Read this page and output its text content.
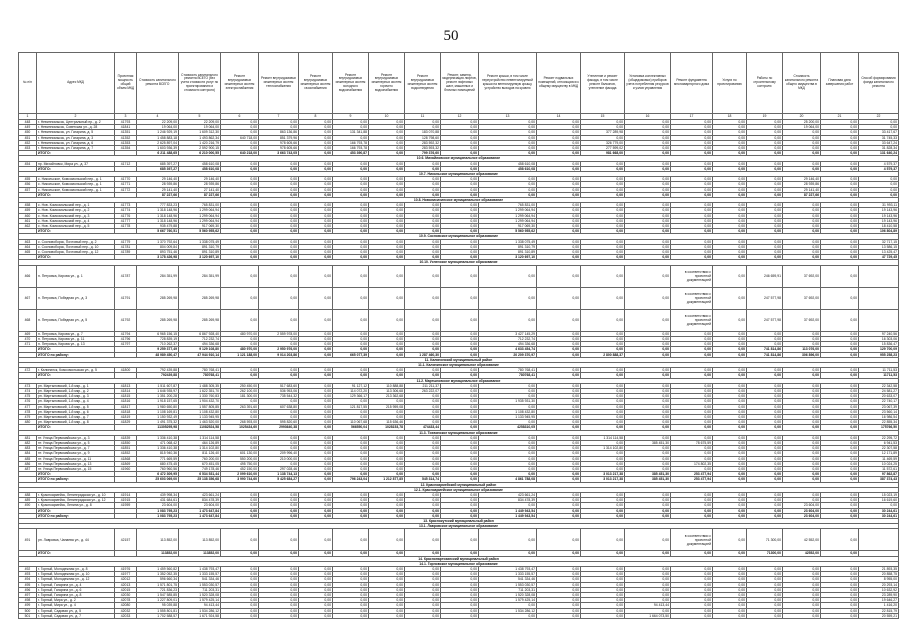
50
№ п/п	Адрес МКД	Проектная мощность общий объем МКД	Стоимость капитального ремонта ВСЕГО	Стоимость капитального ремонта ВСЕГО (без учета стоимости услуг по проектированию и стоимости контроля)	Ремонт внутридомовых инженерных систем электроснабжения	Ремонт внутридомовых инженерных систем теплоснабжения	Ремонт внутридомовых инженерных систем газоснабжения	Ремонт внутридомовых инженерных систем холодного водоснабжения	Ремонт внутридомовых инженерных систем горячего водоснабжения	Ремонт внутридомовых инженерных систем водоотведения	Ремонт, замена, модернизация лифтов, ремонт лифтовых шахт, машинных и блочных помещений	Ремонт крыши, в том числе переустройство невентилируемой крыши на вентилируемую крышу, устройство выходов на кровлю	Ремонт подвальных помещений, относящихся к общему имуществу в МКД	Утепление и ремонт фасада, в том числе ремонт балконов, утепление фасада	Установка коллективных (общедомовых) приборов учета потребления ресурсов и узлов управления	Ремонт фундамента многоквартирного дома	Услуги по проектированию	Работы по строительному контролю	Стоимость капитального ремонта общего имущества в МКД	Плановая дата завершения работ	Способ формирования фонда капитального ремонта
1	2	3	4	5	6	7	8	9	10	11	12	13	14	15	16	17	18	19	20	21	22
448	г. Невинномысск, Центральный пр., д. 2	41793	22 209,00	22 209,00	0,00	0,00	0,00	0,00	0,00	0,00	0,00	0,00	0,00	0,00	0,00	0,00	0,00	0,00	25 200,00	0,00	0,00
449	г. Невинномысск, Советская ул., д. 28	41841	19 064,00	19 064,00	0,00	0,00	0,00	0,00	0,00	0,00	0,00	0,00	0,00	0,00	0,00	0,00	0,00	0,00	19 064,00	0,00	0,00
450	г. Невинномысск, ул. Гагарина, д. 5	41351	1 246 929,19	1 609 312,30	0,00	863 136,86	0,00	131 341,88	0,00	183 070,88	0,00	0,00	0,00	377 289,98	0,00	0,00	0,00	0,00	0,00	0,00	33 417,67
451	г. Невинномысск, ул. Гагарина, д. 3	41352	1 458 883,18	1 493 862,34	640 718,00	851 379,96	0,00	0,00	0,00	128 798,60	0,00	0,00	0,00	0,00	0,00	0,00	0,00	0,00	0,00	0,00	31 745,33
452	г. Невинномысск, ул. Гагарина, д. 6	41353	2 625 897,04	1 420 216,79	0,00	978 605,66	0,00	166 793,78	0,00	283 592,32	0,00	0,00	0,00	326 779,00	0,00	0,00	0,00	0,00	0,00	0,00	33 647,24
453	г. Невинномысск, ул. Гагарина, д. 7	41354	1 603 936,39	2 592 900,15	0,00	978 605,66	0,00	166 793,78	0,00	283 593,32	0,00	0,00	0,00	277 599,02	0,00	0,00	0,00	0,00	0,00	0,00	31 828,34
	ИТОГО:		6 211 488,65	6 210 000,55	640 218,00	3 663 743,05	0,00	453 390,87	0,00	799 376,60	0,00	0,00	0,00	981 668,00	0,00	0,00	0,00	0,00	0,00	0,00	131 640,24
10.6. Михайловское муниципальное образование																					
454	пр. Михайловск, Мира ул., д. 37	41712	685 397,27	458 610,08	0,00	0,00	0,00	0,00	0,00	0,00	0,00	458 610,08	0,00	0,00	0,00	0,00	0,00	0,00	0,00	0,00	4 579,37
	ИТОГО:		685 397,27	458 610,08	0,00	0,00	0,00	0,00	0,00	0,00	0,00	458 610,08	0,00	0,00	0,00	0,00	0,00	0,00	0,00	0,00	4 579,37
10.7. Никольское муниципальное образование																					
455	с. Никольское, Комсомольский пер., д. 1	41770	29 146,40	29 146,40	0,00	0,00	0,00	0,00	0,00	0,00	0,00	0,00	0,00	0,00	0,00	0,00	0,00	0,00	29 146,40	0,00	0,00
456	с. Никольское, Комсомольский пер., д. 1	41771	28 939,86	28 939,86	0,00	0,00	0,00	0,00	0,00	0,00	0,00	0,00	0,00	0,00	0,00	0,00	0,00	0,00	28 939,86	0,00	0,00
457	с. Никольское, Комсомольский пер., д. 1	41772	29 141,40	27 141,40	0,00	0,00	0,00	0,00	0,00	0,00	0,00	0,00	0,00	0,00	0,00	0,00	0,00	0,00	29 141,40	0,00	0,00
	ИТОГО:		87 227,66	87 227,66	0,00	0,00	0,00	0,00	0,00	0,00	0,00	0,00	0,00	0,00	0,00	0,00	0,00	0,00	87 227,66	0,00	0,00
10.8. Новолисихинское муниципальное образование																					
458	с. Нов. Комсомольский пер., д. 1	41773	777 833,23	765 831,00	0,00	0,00	0,00	0,00	0,00	0,00	0,00	765 831,00	0,00	0,00	0,00	0,00	0,00	0,00	0,00	0,00	31 993,11
459	с. Нов. Комсомольский пер., д. 2	41774	1 318 148,96	1 299 064,94	0,00	0,00	0,00	0,00	0,00	0,00	0,00	1 299 064,94	0,00	0,00	0,00	0,00	0,00	0,00	0,00	0,00	19 143,96
460	с. Нов. Комсомольский пер., д. 3	41776	1 318 148,96	1 299 064,94	0,00	0,00	0,00	0,00	0,00	0,00	0,00	1 299 064,94	0,00	0,00	0,00	0,00	0,00	0,00	0,00	0,00	19 143,96
461	с. Нов. Комсомольский пер., д. 4	41777	1 318 148,96	1 299 064,94	0,00	0,00	0,00	0,00	0,00	0,00	0,00	1 299 064,94	0,00	0,00	0,00	0,00	0,00	0,00	0,00	0,00	19 143,96
462	с. Нов. Комсомольский пер., д. 5	41778	935 479,88	917 069,30	0,00	0,00	0,00	0,00	0,00	0,00	0,00	917 069,30	0,00	0,00	0,00	0,00	0,00	0,00	0,00	0,00	18 410,58
	ИТОГО:		5 667 760,51	5 560 955,62	0,00	0,00	0,00	0,00	0,00	0,00	0,00	5 560 955,62	0,00	0,00	0,00	0,00	0,00	0,00	0,00	0,00	106 804,89
10.9. Сосновское муниципальное образование																					
463	с. Сосновоборск, Почтовый пер., д. 2	41779	1 370 792,64	1 338 075,49	0,00	0,00	0,00	0,00	0,00	0,00	0,00	1 338 075,49	0,00	0,00	0,00	0,00	0,00	0,00	0,00	0,00	32 717,15
464	с. Сосновоборск, Почтовый пер., д. 10	41781	804 009,84	891 310,79	0,00	0,00	0,00	0,00	0,00	0,00	0,00	891 310,79	0,00	0,00	0,00	0,00	0,00	0,00	0,00	0,00	13 586,15
465	с. Сосновоборск, Почтовый пер., д. 12	41789	893 751,46	891 310,89	0,00	0,00	0,00	0,00	0,00	0,00	0,00	891 310,89	0,00	0,00	0,00	0,00	0,00	0,00	0,00	0,00	13 425,47
	ИТОГО:		3 178 426,98	3 120 697,10	0,00	0,00	0,00	0,00	0,00	0,00	0,00	3 120 697,10	0,00	0,00	0,00	0,00	0,00	0,00	0,00	0,00	47 729,45
10.10. Успенское муниципальное образование																					
466	п. Петровка, Кирова ул., д. 1	41787	284 351,99	284 351,99	0,00	0,00	0,00	0,00	0,00	0,00	0,00	0,00	0,00	0,00	0,00	в соответствии с проектной документацией	0,00	246 659,91	37 692,00	0,00	
467	п. Петровка, Победная ул., д. 3	41791	285 269,98	285 269,98	0,00	0,00	0,00	0,00	0,00	0,00	0,00	0,00	0,00	0,00	0,00	в соответствии с проектной документацией	0,00	247 577,98	37 692,00	0,00	
468	п. Петровка, Победная ул., д. 5	41792	285 269,98	285 269,98	0,00	0,00	0,00	0,00	0,00	0,00	0,00	0,00	0,00	0,00	0,00	в соответствии с проектной документацией	0,00	247 577,98	37 692,00	0,00	
469	п. Петровка, Кирова ул., д. 7	41794	6 965 156,15	6 867 928,40	480 970,00	2 559 978,00	0,00	0,00	0,00	0,00	0,00	3 427 145,29	0,00	0,00	0,00	0,00	0,00	0,00	0,00	0,00	97 240,56
470	п. Петровка, Кирова ул., д. 11	41796	728 839,19	712 232,74	0,00	0,00	0,00	0,00	0,00	0,00	0,00	712 232,74	0,00	0,00	0,00	0,00	0,00	0,00	0,00	0,00	16 303,06
471	п. Петровка, Кирова ул., д. 13	41797	710 262,37	494 336,68	0,00	0,00	0,00	0,00	0,00	0,00	0,00	494 336,68	0,00	0,00	0,00	0,00	0,00	0,00	0,00	0,00	15 836,47
	ИТОГО:		9 259 377,49	9 129 108,80	480 970,00	2 950 976,00	0,00	0,00	0,00	0,00	0,00	4 633 454,74	0,00	0,00	0,00	0,00	0,00	741 814,86	113 076,00	0,00	129 700,09
	ИТОГО по району:		48 989 450,47	47 944 910,14	1 121 188,00	9 014 203,86	0,00	665 077,39	0,00	1 287 460,30	0,00	20 209 370,97	0,00	2 800 888,37	0,00	0,00	0,00	741 814,86	306 896,00	0,00	955 258,23
11. Калининский муниципальный район																					
11.1. Калининское муниципальное образование																					
472	г. Калининск, Комсомольская ул., д. 5	41800	792 439,88	780 768,41	0,00	0,00	0,00	0,00	0,00	0,00	0,00	780 768,41	0,00	0,00	0,00	0,00	0,00	0,00	0,00	0,00	11 711,53
	ИТОГО:		792439,88	780768,41	0,00	0,00	0,00	0,00	0,00	0,00	0,00	780768,41	0,00	0,00	0,00	0,00	0,00	0,00	0,00	0,00	11711,53
11.2. Мартыновское муниципальное образование																					
473	рп. Мартыновский, 1-й мкр., д. 1	41813	1 511 607,87	1 488 305,35	250 450,00	517 683,60	0,00	91 127,12	110 888,88	211 211,37	0,00	0,00	0,00	0,00	0,00	0,00	0,00	0,00	0,00	0,00	22 342,58
474	рп. Мартыновский, 1-й мкр., д. 2	41814	1 646 935,97	1 622 351,70	262 100,00	536 953,06	0,00	114 072,20	113 306,68	263 222,07	0,00	0,00	0,00	0,00	0,00	0,00	0,00	0,00	0,00	0,00	24 581,27
475	рп. Мартыновский, 1-й мкр., д. 3	41815	1 351 200,28	1 330 760,83	181 300,00	735 544,32	0,00	129 366,17	213 362,68	0,00	0,00	0,00	0,00	0,00	0,00	0,00	0,00	0,00	0,00	0,00	20 633,07
476	рп. Мартыновский, 1-й мкр., д. 4	41816	1 918 157,65	1 904 432,70	0,00	0,00	0,00	0,00	0,00	0,00	0,00	1 935 931,30	0,00	0,00	0,00	0,00	0,00	0,00	0,00	0,00	22 740,17
477	рп. Мартыновский, 1-й мкр., д. 5	41817	1 980 650,80	1 557 805,85	263 391,60	607 638,80	0,00	121 817,55	215 959,08	0,00	0,00	0,00	0,00	0,00	0,00	0,00	0,00	0,00	0,00	0,00	23 067,39
478	рп. Мартыновский, 1-й мкр., д. 6	41818	1 108 169,81	1 108 432,80	0,00	0,00	0,00	0,00	0,00	0,00	0,00	1 108 432,80	0,00	0,00	0,00	0,00	0,00	0,00	0,00	0,00	23 560,14
479	рп. Мартыновский, 1-й мкр., д. 7	41819	1 150 932,49	1 133 945,95	0,00	0,00	0,00	0,00	0,00	0,00	0,00	1 133 945,95	0,00	0,00	0,00	0,00	0,00	0,00	0,00	0,00	16 986,54
480	рп. Мартыновский, 1-й мкр., д. 8	41829	1 491 375,32	1 463 520,00	268 593,00	595 820,60	0,00	110 067,68	115 636,46	0,00	0,00	0,00	0,00	0,00	0,00	0,00	0,00	0,00	0,00	0,00	22 855,34
	ИТОГО:		11305295,98	11082524,58	1025434,60	2993640,38	0,00	566550,04	1028153,78	474433,44	0,00	4258310,05	0,00	0,00	0,00	0,00	0,00	0,00	0,00	0,00	175766,50
11.3. Тихвинское муниципальное образование																					
481	пт. Улица Первомайская ул., д. 3	41839	1 336 410,38	1 314 114,58	0,00	0,00	0,00	0,00	0,00	0,00	0,00	0,00	0,00	1 314 114,58	0,00	0,00	0,00	0,00	0,00	0,00	22 295,72
482	пт. Улица Первомайская ул., д. 5	41850	471 068,42	464 126,89	0,00	0,00	0,00	0,00	0,00	0,00	0,00	0,00	0,00	0,00	385 451,30	78 675,59	0,00	0,00	0,00	0,00	6 941,53
483	пт. Улица Первомайская ул., д. 7	41851	1 336 410,38	1 314 102,80	0,00	0,00	0,00	0,00	0,00	0,00	0,00	0,00	0,00	1 314 102,80	0,00	0,00	0,00	0,00	0,00	0,00	22 307,58
484	пт. Улица Первомайская ул., д. 9	41852	815 940,36	811 126,40	601 130,00	209 996,40	0,00	0,00	0,00	0,00	0,00	0,00	0,00	0,00	0,00	0,00	0,00	0,00	0,00	0,00	12 171,89
485	пт. Улица Первомайская ул., д. 11	41868	771 669,59	760 200,00	550 200,00	210 000,00	0,00	0,00	0,00	0,00	0,00	0,00	0,00	0,00	0,00	0,00	0,00	0,00	0,00	0,00	11 469,59
486	пт. Улица Первомайская ул., д. 13	41869	680 475,45	670 451,05	495 750,00	0,00	0,00	0,00	0,00	0,00	0,00	0,00	0,00	0,00	0,00	174 802,35	0,00	0,00	0,00	0,00	10 024,25
487	пт. Улица Первомайская ул., д. 15	41960	760 960,56	749 178,46	452 150,00	297 028,46	0,00	0,00	0,00	0,00	0,00	0,00	0,00	0,00	0,00	0,00	0,00	0,00	0,00	0,00	11 572,61
	ИТОГО:		6 472 309,95	6 534 531,44	2 099 610,00	1 138 744,13	0,00	0,00	0,00	0,00	0,00	0,00	0,00	3 013 217,38	385 451,30	253 477,94	0,00	0,00	0,00	0,00	97 862,87
	ИТОГО по району:		25 603 069,00	25 138 356,68	3 990 744,60	5 425 684,27	0,00	796 243,04	1 212 877,85	545 314,74	0,00	4 861 788,08	0,00	3 013 217,38	385 451,30	253 477,94	0,00	0,00	0,00	0,00	387 374,43
12. Красноармейский муниципальный район																					
12.1. Красноармейское муниципальное образование																					
488	г. Красноармейск, Ленинградская ул., д. 10	41914	439 998,34	423 661,24	0,00	0,00	0,00	0,00	0,00	0,00	0,00	423 661,24	0,00	0,00	0,00	0,00	0,00	0,00	0,00	0,00	15 023,19
489	г. Красноармейск, Ленинградская ул., д. 12	41915	431 684,61	834 478,39	0,00	0,00	0,00	0,00	0,00	0,00	0,00	834 478,39	0,00	0,00	0,00	0,00	0,00	0,00	0,00	0,00	16 619,60
490	г. Красноармейск, Ленина ул., д. 8	41959	23 604,00	23 604,00	0,00	0,00	0,00	0,00	0,00	0,00	0,00	0,00	0,00	0,00	0,00	0,00	0,00	0,00	23 604,00	0,00	0,00
	ИТОГО:		1 083 795,23	1 473 647,84	0,00	0,00	0,00	0,00	0,00	0,00	0,00	1 449 943,54	0,00	0,00	0,00	0,00	0,00	0,00	23 604,00	0,00	30 244,61
	ИТОГО по району:		1 083 795,23	1 473 647,84	0,00	0,00	0,00	0,00	0,00	0,00	0,00	1 449 943,54	0,00	0,00	0,00	0,00	0,00	0,00	23 604,00	0,00	30 244,61
13. Краснокутский муниципальный район																					
13.1. Лавровское муниципальное образование																					
491	рп. Лавровка, Чапаева ул., д. 44	42157	113 852,00	113 852,00	0,00	0,00	0,00	0,00	0,00	0,00	0,00	0,00	0,00	0,00	0,00	в соответствии с проектной документацией	0,00	71 300,00	42 552,00	0,00	
	ИТОГО:		113852,00	113852,00	0,00	0,00	0,00	0,00	0,00	0,00	0,00	0,00	0,00	0,00	0,00	0,00	0,00	71300,00	42552,00	0,00	
14. Краснопартизанский муниципальный район																					
14.1. Горновское муниципальное образование																					
492	г. Горный, Молодежная ул., д. 8	41976	1 459 560,82	1 438 793,47	0,00	0,00	0,00	0,00	0,00	0,00	0,00	1 438 793,47	0,00	0,00	0,00	0,00	0,00	0,00	0,00	0,00	21 893,35
493	г. Горный, Молодежная ул., д. 10	41977	1 352 052,35	1 333 155,57	0,00	0,00	0,00	0,00	0,00	0,00	0,00	1 333 155,57	0,00	0,00	0,00	0,00	0,00	0,00	0,00	0,00	20 858,75
494	г. Горный, Молодежная ул., д. 12	42012	596 660,34	541 334,46	0,00	0,00	0,00	0,00	0,00	0,00	0,00	541 334,46	0,00	0,00	0,00	0,00	0,00	0,00	0,00	0,00	8 955,00
495	г. Горный, Гагарина ул., д. 4	42013	1 571 801,75	1 553 030,57	0,00	0,00	0,00	0,00	0,00	0,00	0,00	1 553 030,57	0,00	0,00	0,00	0,00	0,00	0,00	0,00	0,00	20 293,14
496	г. Горный, Гагарина ул., д. 6	42015	721 836,23	711 203,31	0,00	0,00	0,00	0,00	0,00	0,00	0,00	711 203,31	0,00	0,00	0,00	0,00	0,00	0,00	0,00	0,00	10 632,92
497	г. Горный, Гагарина ул., д. 8	42030	1 547 585,85	1 520 328,08	0,00	0,00	0,00	0,00	0,00	0,00	0,00	1 520 328,08	0,00	0,00	0,00	0,00	0,00	0,00	0,00	0,00	23 289,90
498	г. Горный, Мира ул., д. 2	42078	1 227 809,01	1 579 425,14	0,00	0,00	0,00	0,00	0,00	0,00	0,00	1 579 425,14	0,00	0,00	0,00	0,00	0,00	0,00	0,00	0,00	19 646,27
499	г. Горный, Мира ул., д. 4	42080	95 039,88	94 413,44	0,00	0,00	0,00	0,00	0,00	0,00	0,00	0,00	0,00	0,00	94 413,44	0,00	0,00	0,00	0,00	0,00	1 416,20
500	г. Горный, Садовая ул., д. 5	42032	1 555 801,81	1 534 286,12	0,00	0,00	0,00	0,00	0,00	0,00	0,00	1 534 286,12	0,00	0,00	0,00	0,00	0,00	0,00	0,00	0,00	22 815,79
501	г. Горный, Садовая ул., д. 7	42033	1 702 588,57	1 671 924,58	0,00	0,00	0,00	0,00	0,00	0,00	0,00	0,00	0,00	0,00	1 664 073,50	0,00	0,00	0,00	0,00	0,00	20 559,21
